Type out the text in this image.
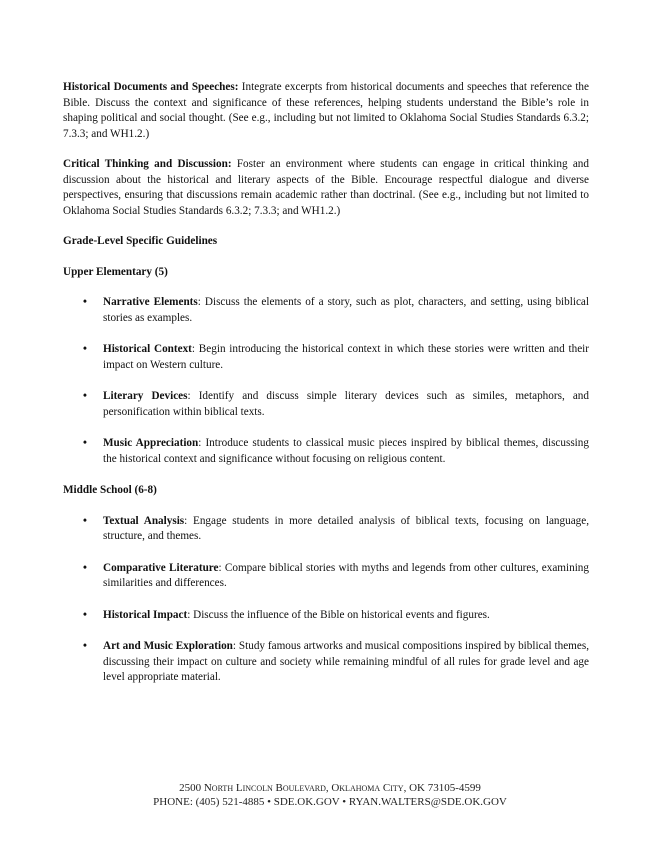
Historical Documents and Speeches: Integrate excerpts from historical documents and speeches that reference the Bible. Discuss the context and significance of these references, helping students understand the Bible’s role in shaping political and social thought. (See e.g., including but not limited to Oklahoma Social Studies Standards 6.3.2; 7.3.3; and WH1.2.)

Critical Thinking and Discussion: Foster an environment where students can engage in critical thinking and discussion about the historical and literary aspects of the Bible. Encourage respectful dialogue and diverse perspectives, ensuring that discussions remain academic rather than doctrinal. (See e.g., including but not limited to Oklahoma Social Studies Standards 6.3.2; 7.3.3; and WH1.2.)

Grade-Level Specific Guidelines

Upper Elementary (5)

• Narrative Elements: Discuss the elements of a story, such as plot, characters, and setting, using biblical stories as examples.
• Historical Context: Begin introducing the historical context in which these stories were written and their impact on Western culture.
• Literary Devices: Identify and discuss simple literary devices such as similes, metaphors, and personification within biblical texts.
• Music Appreciation: Introduce students to classical music pieces inspired by biblical themes, discussing the historical context and significance without focusing on religious content.

Middle School (6-8)

• Textual Analysis: Engage students in more detailed analysis of biblical texts, focusing on language, structure, and themes.
• Comparative Literature: Compare biblical stories with myths and legends from other cultures, examining similarities and differences.
• Historical Impact: Discuss the influence of the Bible on historical events and figures.
• Art and Music Exploration: Study famous artworks and musical compositions inspired by biblical themes, discussing their impact on culture and society while remaining mindful of all rules for grade level and age level appropriate material.
2500 North Lincoln Boulevard, Oklahoma City, OK 73105-4599
PHONE: (405) 521-4885 • SDE.OK.GOV • RYAN.WALTERS@SDE.OK.GOV
